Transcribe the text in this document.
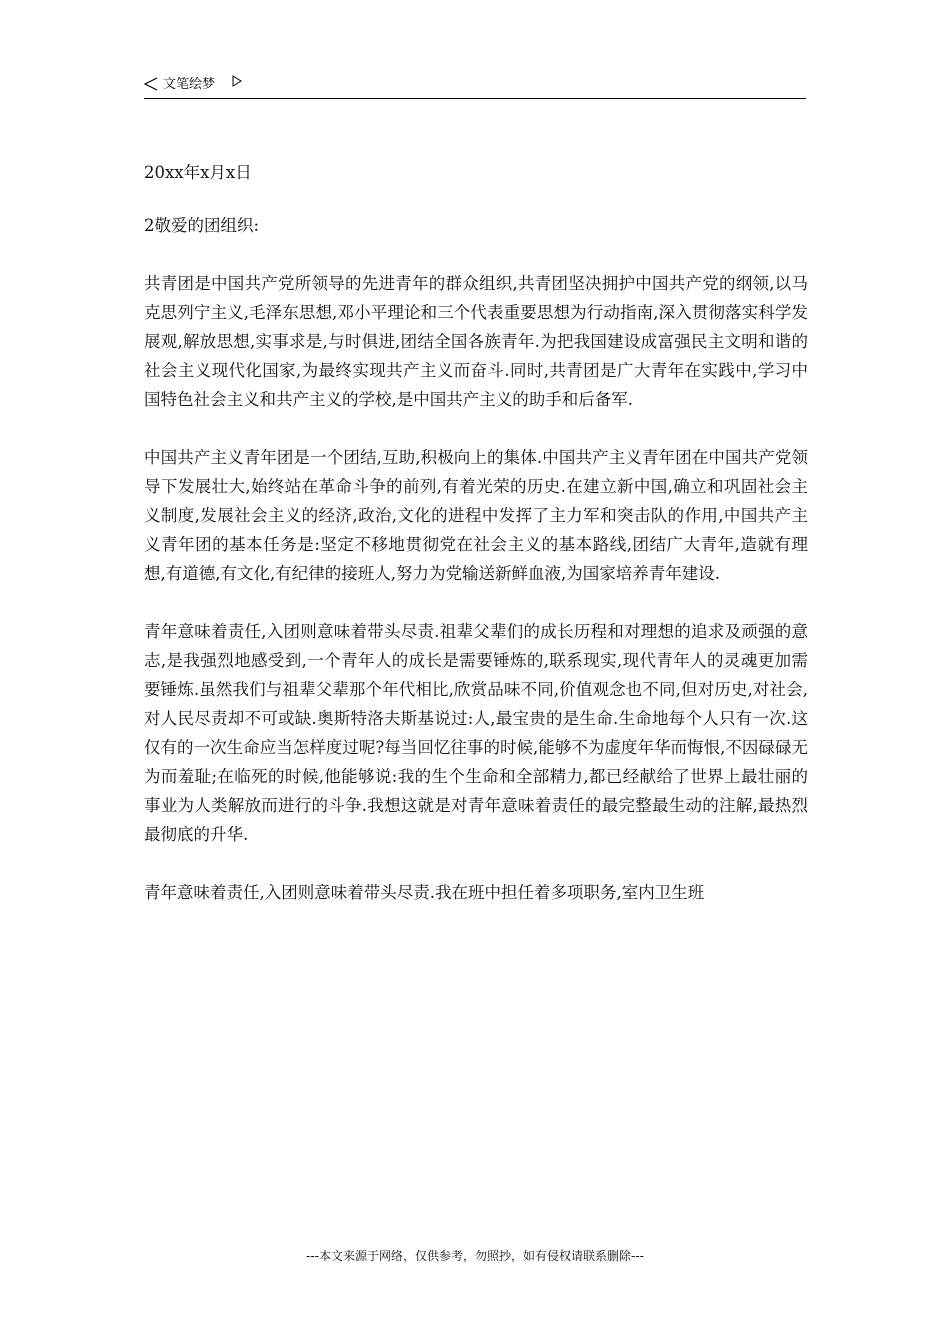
文笔绘梦

20xx年x月x日

2敬爱的团组织:

共青团是中国共产党所领导的先进青年的群众组织,共青团坚决拥护中国共产党的纲领,以马克思列宁主义,毛泽东思想,邓小平理论和三个代表重要思想为行动指南,深入贯彻落实科学发展观,解放思想,实事求是,与时俱进,团结全国各族青年.为把我国建设成富强民主文明和谐的社会主义现代化国家,为最终实现共产主义而奋斗.同时,共青团是广大青年在实践中,学习中国特色社会主义和共产主义的学校,是中国共产主义的助手和后备军.

中国共产主义青年团是一个团结,互助,积极向上的集体.中国共产主义青年团在中国共产党领导下发展壮大,始终站在革命斗争的前列,有着光荣的历史.在建立新中国,确立和巩固社会主义制度,发展社会主义的经济,政治,文化的进程中发挥了主力军和突击队的作用,中国共产主义青年团的基本任务是:坚定不移地贯彻党在社会主义的基本路线,团结广大青年,造就有理想,有道德,有文化,有纪律的接班人,努力为党输送新鲜血液,为国家培养青年建设.

青年意味着责任,入团则意味着带头尽责.祖辈父辈们的成长历程和对理想的追求及顽强的意志,是我强烈地感受到,一个青年人的成长是需要锤炼的,联系现实,现代青年人的灵魂更加需要锤炼.虽然我们与祖辈父辈那个年代相比,欣赏品味不同,价值观念也不同,但对历史,对社会,对人民尽责却不可或缺.奥斯特洛夫斯基说过:人,最宝贵的是生命.生命地每个人只有一次.这仅有的一次生命应当怎样度过呢?每当回忆往事的时候,能够不为虚度年华而悔恨,不因碌碌无为而羞耻;在临死的时候,他能够说:我的生个生命和全部精力,都已经献给了世界上最壮丽的事业为人类解放而进行的斗争.我想这就是对青年意味着责任的最完整最生动的注解,最热烈最彻底的升华.

青年意味着责任,入团则意味着带头尽责.我在班中担任着多项职务,室内卫生班

---本文来源于网络，仅供参考，勿照抄，如有侵权请联系删除---
